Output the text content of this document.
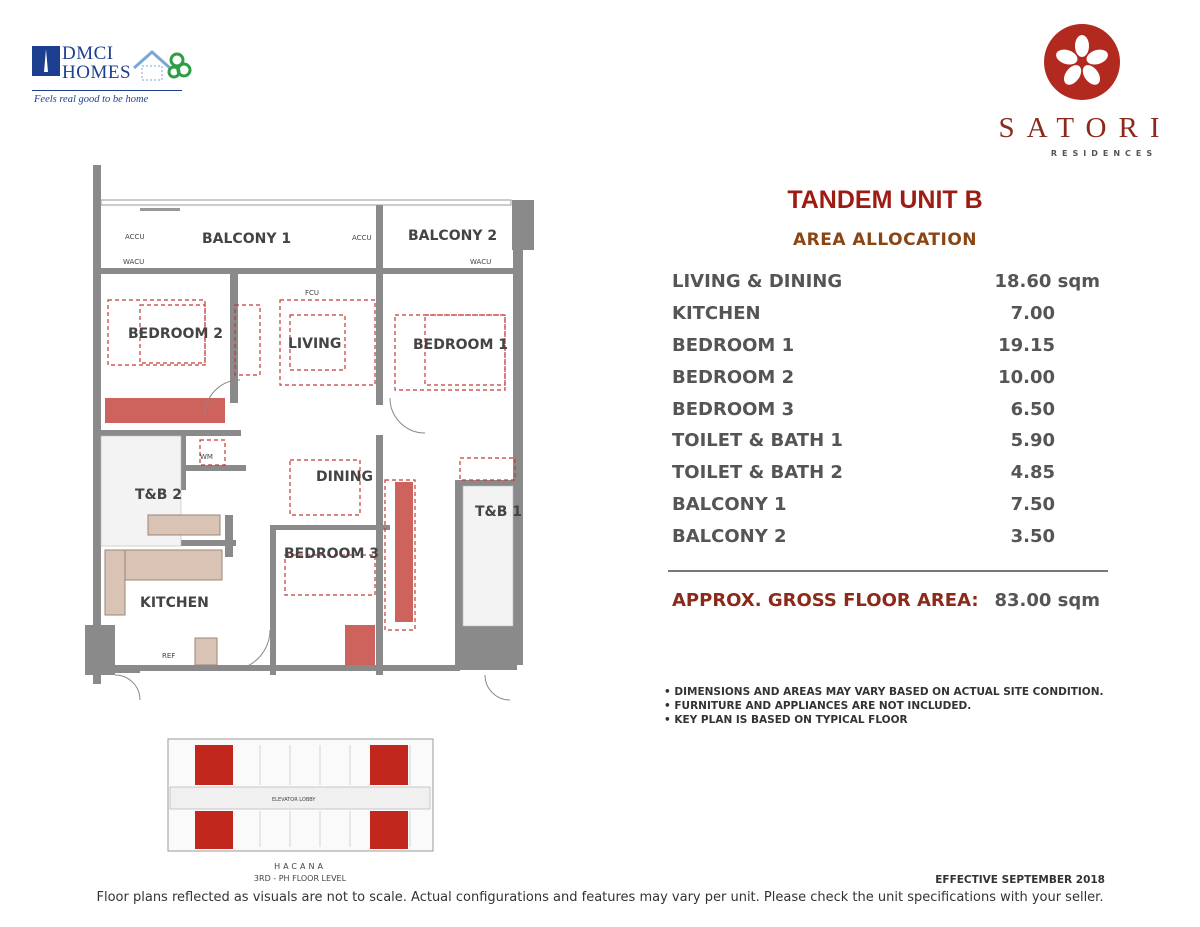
DMCI
HOMES
Feels real good to be home
SATORI
RESIDENCES
BALCONY 1	BALCONY 2
BEDROOM 2
LIVING	BEDROOM 1
DINING
T&B 2
T&B 1
BEDROOM 3
KITCHEN
ACCU
WACU	WACU
ACCU
FCU
WM
REF
ELEVATOR LOBBY
HACANA
3RD - PH FLOOR LEVEL
TANDEM UNIT B
AREA ALLOCATION
LIVING & DINING	18.60 sqm
KITCHEN	7.00
BEDROOM 1	19.15
BEDROOM 2	10.00
BEDROOM 3	6.50
TOILET & BATH 1	5.90
TOILET & BATH 2	4.85
BALCONY 1	7.50
BALCONY 2	3.50
APPROX. GROSS FLOOR AREA: 83.00 sqm
• DIMENSIONS AND AREAS MAY VARY BASED ON ACTUAL SITE CONDITION.
• FURNITURE AND APPLIANCES ARE NOT INCLUDED.
• KEY PLAN IS BASED ON TYPICAL FLOOR
EFFECTIVE SEPTEMBER 2018
Floor plans reflected as visuals are not to scale. Actual configurations and features may vary per unit. Please check the unit specifications with your seller.
